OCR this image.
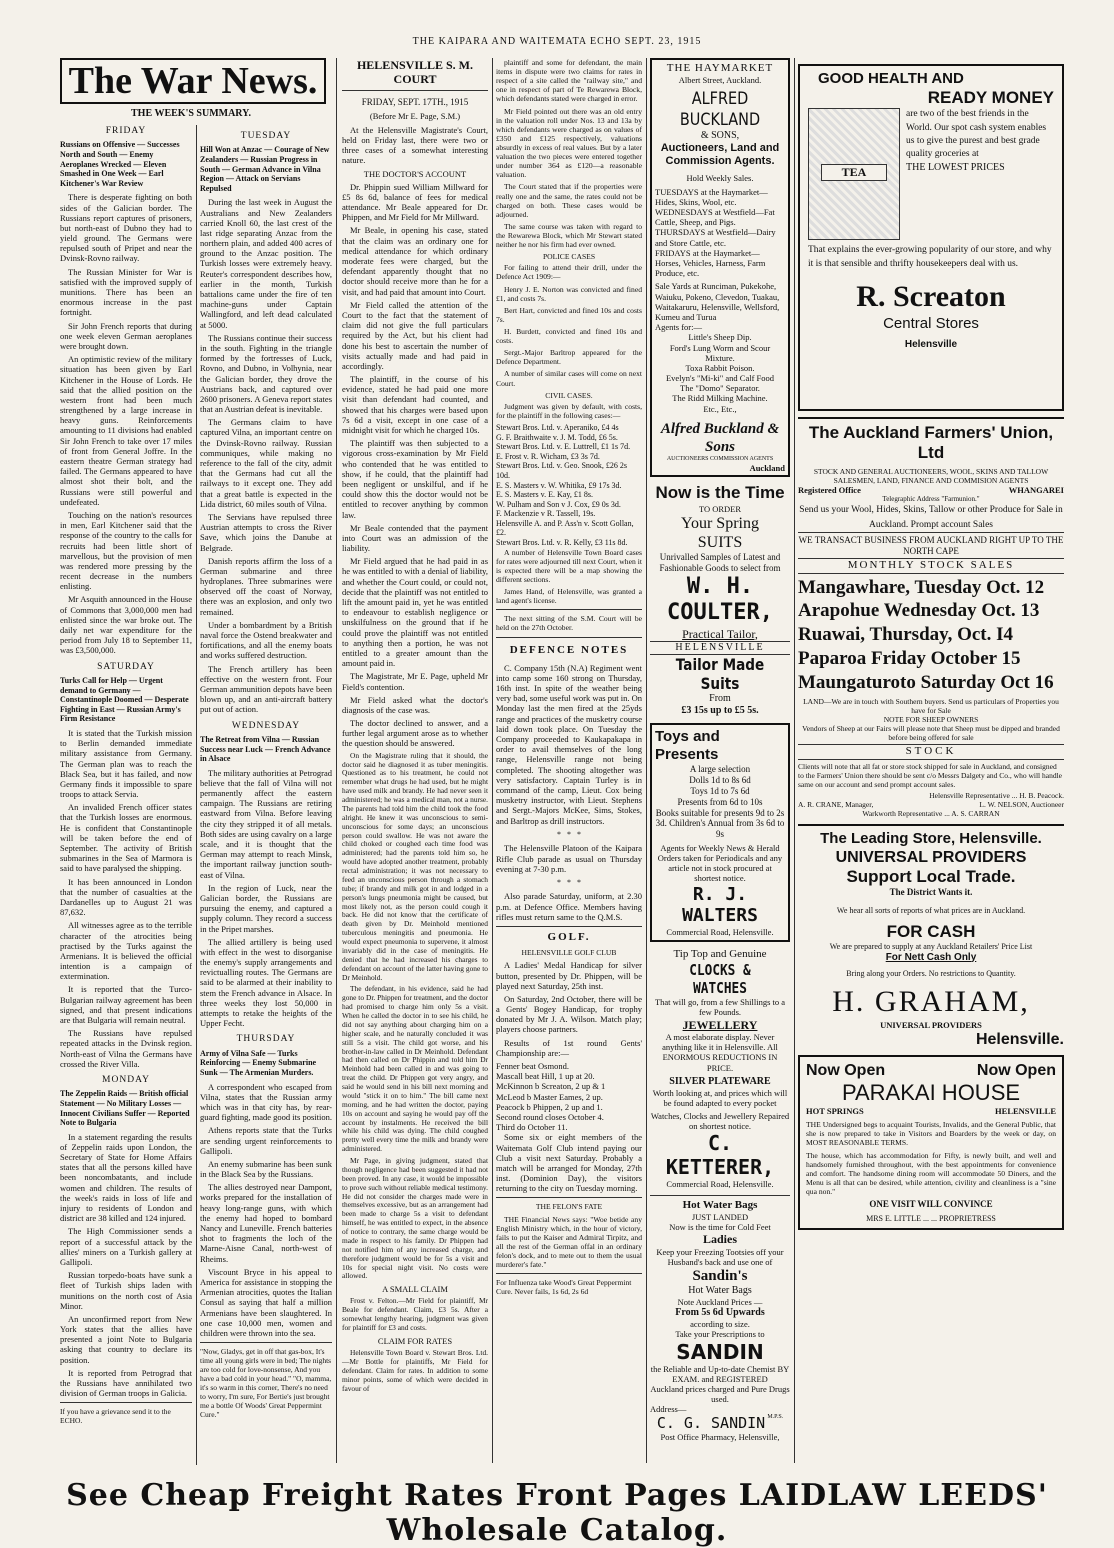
THE KAIPARA AND WAITEMATA ECHO SEPT. 23, 1915
The War News.
THE WEEK'S SUMMARY.
FRIDAY
Russians on Offensive — Successes North and South — Enemy Aeroplanes Wrecked — Eleven Smashed in One Week — Earl Kitchener's War Review

There is desperate fighting on both sides of the Galician border. The Russians report captures of prisoners, but north-east of Dubno they had to yield ground. The Germans were repulsed south of Pripet and near the Dvinsk-Rovno railway.

The Russian Minister for War is satisfied with the improved supply of munitions. There has been an enormous increase in the past fortnight.

Sir John French reports that during one week eleven German aeroplanes were brought down.

An optimistic review of the military situation has been given by Earl Kitchener in the House of Lords. He said that the allied position on the western front had been much strengthened by a large increase in heavy guns. Reinforcements amounting to 11 divisions had enabled Sir John French to take over 17 miles of front from General Joffre. In the eastern theatre German strategy had failed. The Germans appeared to have almost shot their bolt, and the Russians were still powerful and undefeated.

Touching on the nation's resources in men, Earl Kitchener said that the response of the country to the calls for recruits had been little short of marvellous, but the provision of men was rendered more pressing by the recent decrease in the numbers enlisting.

Mr Asquith announced in the House of Commons that 3,000,000 men had enlisted since the war broke out. The daily net war expenditure for the period from July 18 to September 11, was £3,500,000.

SATURDAY
Turks Call for Help — Urgent demand to Germany — Constantinople Doomed — Desperate Fighting in East — Russian Army's Firm Resistance

It is stated that the Turkish mission to Berlin demanded immediate military assistance from Germany. The German plan was to reach the Black Sea, but it has failed, and now Germany finds it impossible to spare troops to attack Servia.

An invalided French officer states that the Turkish losses are enormous. He is confident that Constantinople will be taken before the end of September. The activity of British submarines in the Sea of Marmora is said to have paralysed the shipping.

It has been announced in London that the number of casualties at the Dardanelles up to August 21 was 87,632.

All witnesses agree as to the terrible character of the atrocities being practised by the Turks against the Armenians. It is believed the official intention is a campaign of extermination.

It is reported that the Turco-Bulgarian railway agreement has been signed, and that present indications are that Bulgaria will remain neutral.

The Russians have repulsed repeated attacks in the Dvinsk region. North-east of Vilna the Germans have crossed the River Villa.

MONDAY
The Zeppelin Raids — British official Statement — No Military Losses — Innocent Civilians Suffer — Reported Note to Bulgaria

In a statement regarding the results of Zeppelin raids upon London, the Secretary of State for Home Affairs states that all the persons killed have been noncombatants, and include women and children. The results of the week's raids in loss of life and injury to residents of London and district are 38 killed and 124 injured.

The High Commissioner sends a report of a successful attack by the allies' miners on a Turkish gallery at Gallipoli.

Russian torpedo-boats have sunk a fleet of Turkish ships laden with munitions on the north cost of Asia Minor.

An unconfirmed report from New York states that the allies have presented a joint Note to Bulgaria asking that country to declare its position.

It is reported from Petrograd that the Russians have annihilated two division of German troops in Galicia.

If you have a grievance send it to the ECHO.
TUESDAY
Hill Won at Anzac — Courage of New Zealanders — Russian Progress in South — German Advance in Vilna Region — Attack on Servians Repulsed

During the last week in August the Australians and New Zealanders carried Knoll 60, the last crest of the last ridge separating Anzac from the northern plain, and added 400 acres of ground to the Anzac position. The Turkish losses were extremely heavy. Reuter's correspondent describes how, earlier in the month, Turkish battalions came under the fire of ten machine-guns under Captain Wallingford, and left dead calculated at 5000.

The Russians continue their success in the south. Fighting in the triangle formed by the fortresses of Luck, Rovno, and Dubno, in Volhynia, near the Galician border, they drove the Austrians back, and captured over 2600 prisoners. A Geneva report states that an Austrian defeat is inevitable.

The Germans claim to have captured Vilna, an important centre on the Dvinsk-Rovno railway. Russian communiques, while making no reference to the fall of the city, admit that the Germans had cut all the railways to it except one. They add that a great battle is expected in the Lida district, 60 miles south of Vilna.

The Servians have repulsed three Austrian attempts to cross the River Save, which joins the Danube at Belgrade.

Danish reports affirm the loss of a German submarine and three hydroplanes. Three submarines were observed off the coast of Norway, there was an explosion, and only two remained.

Under a bombardment by a British naval force the Ostend breakwater and fortifications, and all the enemy boats and works suffered destruction.

The French artillery has been effective on the western front. Four German ammunition depots have been blown up, and an anti-aircraft battery put out of action.

WEDNESDAY
The Retreat from Vilna — Russian Success near Luck — French Advance in Alsace

The military authorities at Petrograd believe that the fall of Vilna will not permanently affect the eastern campaign. The Russians are retiring eastward from Vilna. Before leaving the city they stripped it of all metals. Both sides are using cavalry on a large scale, and it is thought that the German may attempt to reach Minsk, the important railway junction south-east of Vilna.

In the region of Luck, near the Galician border, the Russians are pursuing the enemy, and captured a supply column. They record a success in the Pripet marshes.

The allied artillery is being used with effect in the west to disorganise the enemy's supply arrangements and revictualling routes. The Germans are said to be alarmed at their inability to stem the French advance in Alsace. In three weeks they lost 50,000 in attempts to retake the heights of the Upper Fecht.

THURSDAY
Army of Vilna Safe — Turks Reinforcing — Enemy Submarine Sunk — The Armenian Murders.

A correspondent who escaped from Vilna, states that the Russian army which was in that city has, by rear-guard fighting, made good its position.

Athens reports state that the Turks are sending urgent reinforcements to Gallipoli.

An enemy submarine has been sunk in the Black Sea by the Russians.

The allies destroyed near Dampont, works prepared for the installation of heavy long-range guns, with which the enemy had hoped to bombard Nancy and Luneville. French batteries shot to fragments the loch of the Marne-Aisne Canal, north-west of Rheims.

Viscount Bryce in his appeal to America for assistance in stopping the Armenian atrocities, quotes the Italian Consul as saying that half a million Armenians have been slaughtered. In one case 10,000 men, women and children were thrown into the sea.

"Now, Gladys, get in off that gas-box, It's time all young girls were in bed; The nights are too cold for love-nonsense, And you have a bad cold in your head." "O, mamma, it's so warm in this corner, There's no need to worry, I'm sure, For Bertie's just brought me a bottle Of Woods' Great Peppermint Cure."
HELENSVILLE S. M. COURT
FRIDAY, SEPT. 17TH., 1915
(Before Mr E. Page, S.M.)

At the Helensville Magistrate's Court, held on Friday last, there were two or three cases of a somewhat interesting nature.

THE DOCTOR'S ACCOUNT

Dr. Phippin sued William Millward for £5 8s 6d, balance of fees for medical attendance. Mr Beale appeared for Dr. Phippen, and Mr Field for Mr Millward.

Mr Beale, in opening his case, stated that the claim was an ordinary one for medical attendance for which ordinary moderate fees were charged, but the defendant apparently thought that no doctor should receive more than he for a visit, and had paid that amount into Court.

Mr Field called the attention of the Court to the fact that the statement of claim did not give the full particulars required by the Act, but his client had done his best to ascertain the number of visits actually made and had paid in accordingly.

The plaintiff, in the course of his evidence, stated he had paid one more visit than defendant had counted, and showed that his charges were based upon 7s 6d a visit, except in one case of a midnight visit for which he charged 10s.

The plaintiff was then subjected to a vigorous cross-examination by Mr Field who contended that he was entitled to show, if he could, that the plaintiff had been negligent or unskilful, and if he could show this the doctor would not be entitled to recover anything by common law.

Mr Beale contended that the payment into Court was an admission of the liability.

Mr Field argued that he had paid in as he was entitled to with a denial of liability, and whether the Court could, or could not, decide that the plaintiff was not entitled to lift the amount paid in, yet he was entitled to endeavour to establish negligence or unskilfulness on the ground that if he could prove the plaintiff was not entitled to anything then a portion, he was not entitled to a greater amount than the amount paid in.

The Magistrate, Mr E. Page, upheld Mr Field's contention.

Mr Field asked what the doctor's diagnosis of the case was.

The doctor declined to answer, and a further legal argument arose as to whether the question should be answered.

On the Magistrate ruling that it should, the doctor said he diagnosed it as tuber meningitis. Questioned as to his treatment, he could not remember what drugs he had used, but he might have used milk and brandy. He had never seen it administered; he was a medical man, not a nurse. The parents had told him the child took the food alright. He knew it was unconscious to semi-unconscious for some days; an unconscious person could swallow. He was not aware the child choked or coughed each time food was administered; had the parents told him so, he would have adopted another treatment, probably rectal administration; it was not necessary to feed an unconscious person through a stomach tube; if brandy and milk got in and lodged in a person's lungs pneumonia might be caused, but most likely not, as the person could cough it back. He did not know that the certificate of death given by Dr. Meinhold mentioned tuberculous meningitis and pneumonia. He would expect pneumonia to supervene, it almost invariably did in the case of meningitis. He denied that he had increased his charges to defendant on account of the latter having gone to Dr Meinhold.

The defendant, in his evidence, said he had gone to Dr. Phippen for treatment, and the doctor had promised to charge him only 5s a visit. When he called the doctor in to see his child, he did not say anything about charging him on a higher scale, and he naturally concluded it was still 5s a visit. The child got worse, and his brother-in-law called in Dr Meinhold. Defendant had then called on Dr Phippin and told him Dr Meinhold had been called in and was going to treat the child. Dr Phippen got very angry, and said he would send in his bill next morning and would "stick it on to him." The bill came next morning, and he had written the doctor, paying 10s on account and saying he would pay off the account by instalments. He received the bill while his child was dying. The child coughed pretty well every time the milk and brandy were administered.

Mr Page, in giving judgment, stated that though negligence had been suggested it had not been proved. In any case, it would be impossible to prove such without reliable medical testimony. He did not consider the charges made were in themselves excessive, but as an arrangement had been made to charge 5s a visit to defendant himself, he was entitled to expect, in the absence of notice to contrary, the same charge would be made in respect to his family. Dr Phippen had not notified him of any increased charge, and therefore judgment would be for 5s a visit and 10s for special night visit. No costs were allowed.

A SMALL CLAIM

Frost v. Felton.—Mr Field for plaintiff, Mr Beale for defendant. Claim, £3 5s. After a somewhat lengthy hearing, judgment was given for plaintiff for £3 and costs.

CLAIM FOR RATES

Helensville Town Board v. Stewart Bros. Ltd.—Mr Bottle for plaintiffs, Mr Field for defendant. Claim for rates. In addition to some minor points, some of which were decided in favour of

plaintiff and some for defendant, the main items in dispute were two claims for rates in respect of a site called the "railway site," and one in respect of part of Te Rewarewa Block, which defendants stated were charged in error.

Mr Field pointed out there was an old entry in the valuation roll under Nos. 13 and 13a by which defendants were charged as on values of £350 and £125 respectively, valuations absurdly in excess of real values. But by a later valuation the two pieces were entered together under number 364 as £120—a reasonable valuation.

The Court stated that if the properties were really one and the same, the rates could not be charged on both. These cases would be adjourned.

The same course was taken with regard to the Rewarewa Block, which Mr Stewart stated neither he nor his firm had ever owned.

POLICE CASES

For failing to attend their drill, under the Defence Act 1909:—

Henry J. E. Norton was convicted and fined £1, and costs 7s.

Bert Hart, convicted and fined 10s and costs 7s.

H. Burdett, convicted and fined 10s and costs.

Sergt.-Major Barltrop appeared for the Defence Department.

A number of similar cases will come on next Court.

CIVIL CASES.

Judgment was given by default, with costs, for the plaintiff in the following cases:—

Stewart Bros. Ltd. v. Aperaniko, £4 4s
G. F. Braithwaite v. J. M. Todd, £6 5s.
Stewart Bros. Ltd. v. E. Luttrell, £1 1s 7d.
E. Frost v. R. Wicham, £3 3s 7d.
Stewart Bros. Ltd. v. Geo. Snook, £26 2s 10d.
E. S. Masters v. W. Whitika, £9 17s 3d.
E. S. Masters v. E. Kay, £1 8s.
W. Pulham and Son v J. Cox, £9 0s 3d.
F. Mackenzie v R. Tassell, 19s.
Helensville A. and P. Ass'n v. Scott Gollan, £2.
Stewart Bros. Ltd. v. R. Kelly, £3 11s 8d.

A number of Helensville Town Board cases for rates were adjourned till next Court, when it is expected there will be a map showing the different sections.

James Hand, of Helensville, was granted a land agent's license.

The next sitting of the S.M. Court will be held on the 27th October.

DEFENCE NOTES

C. Company 15th (N.A) Regiment went into camp some 160 strong on Thursday, 16th inst. In spite of the weather being very bad, some useful work was put in. On Monday last the men fired at the 25yds range and practices of the musketry course laid down took place. On Tuesday the Company proceeded to Kaukapakapa in order to avail themselves of the long range, Helensville range not being completed. The shooting altogether was very satisfactory. Captain Turley is in command of the camp, Lieut. Cox being musketry instructor, with Lieut. Stephens and Sergt.-Majors McKee, Sims, Stokes, and Barltrop as drill instructors.

*   *   *

The Helensville Platoon of the Kaipara Rifle Club parade as usual on Thursday evening at 7-30 p.m.

*   *   *

Also parade Saturday, uniform, at 2.30 p.m. at Defence Office. Members having rifles must return same to the Q.M.S.

GOLF.
HELENSVILLE GOLF CLUB

A Ladies' Medal Handicap for silver button, presented by Dr. Phippen, will be played next Saturday, 25th inst.

On Saturday, 2nd October, there will be a Gents' Bogey Handicap, for trophy donated by Mr J. A. Wilson. Match play; players choose partners.

Results of 1st round Gents' Championship are:—

Fenner beat Osmond.
Mascall beat Hill, 1 up at 20.
McKinnon b Screaton, 2 up & 1
McLeod b Master Eames, 2 up.
Peacock b Phippen, 2 up and 1.
Second round closes October 4.
Third do October 11.

Some six or eight members of the Waitemata Golf Club intend paying our Club a visit next Saturday. Probably a match will be arranged for Monday, 27th inst. (Dominion Day), the visitors returning to the city on Tuesday morning.

THE FELON'S FATE

THE Financial News says: "Woe betide any English Ministry which, in the hour of victory, fails to put the Kaiser and Admiral Tirpitz, and all the rest of the German offal in an ordinary felon's dock, and to mete out to them the usual murderer's fate."

For Influenza take Wood's Great Peppermint Cure. Never fails, 1s 6d, 2s 6d
THE HAYMARKET
Albert Street, Auckland.
ALFRED BUCKLAND
& SONS,
Auctioneers, Land and Commission Agents.
Hold Weekly Sales.
TUESDAYS at the Haymarket—Hides, Skins, Wool, etc.
WEDNESDAYS at Westfield—Fat Cattle, Sheep, and Pigs.
THURSDAYS at Westfield—Dairy and Store Cattle, etc.
FRIDAYS at the Haymarket—Horses, Vehicles, Harness, Farm Produce, etc.
Sale Yards at Runciman, Pukekohe, Waiuku, Pokeno, Clevedon, Tuakau, Waitakaruru, Helensville, Wellsford, Kumeu and Turua
Agents for:—
Little's Sheep Dip.
Ford's Lung Worm and Scour Mixture.
Toxa Rabbit Poison.
Evelyn's "Mi-ki" and Calf Food
The "Domo" Separator.
The Ridd Milking Machine.
Etc., Etc.,
Alfred Buckland & Sons
AUCTIONEERS COMMISSION AGENTS
Auckland
Now is the Time
TO ORDER
Your Spring
SUITS
Unrivalled Samples of Latest and Fashionable Goods to select from
W. H. COULTER,
Practical Tailor,
HELENSVILLE
Tailor Made Suits
From
£3 15s up to £5 5s.
Toys and Presents
A large selection
Dolls 1d to 8s 6d
Toys 1d to 7s 6d
Presents from 6d to 10s
Books suitable for presents 9d to 2s 3d. Children's Annual from 3s 6d to 9s
Agents for Weekly News & Herald Orders taken for Periodicals and any article not in stock procured at shortest notice.
R. J. WALTERS
Commercial Road, Helensville.
Tip Top and Genuine
CLOCKS & WATCHES
That will go, from a few Shillings to a few Pounds.
JEWELLERY
A most elaborate display. Never anything like it in Helensville. All ENORMOUS REDUCTIONS IN PRICE.
SILVER PLATEWARE
Worth looking at, and prices which will be found adapted to every pocket
Watches, Clocks and Jewellery Repaired on shortest notice.
C. KETTERER,
Commercial Road, Helensville.
Hot Water Bags
JUST LANDED
Now is the time for Cold Feet
Ladies
Keep your Freezing Tootsies off your Husband's back and use one of
Sandin's
Hot Water Bags
Note Auckland Prices —
From 5s 6d Upwards
according to size.
Take your Prescriptions to
SANDIN
the Reliable and Up-to-date Chemist BY EXAM. and REGISTERED
Auckland prices charged and Pure Drugs used.
Address—
C. G. SANDIN $^{M.P.S.}$
Post Office Pharmacy, Helensville,
GOOD HEALTH AND
READY MONEY
TEA
are two of the best friends in the World. Our spot cash system enables us to give the purest and best grade quality groceries at
THE LOWEST PRICES
That explains the ever-growing popularity of our store, and why it is that sensible and thrifty housekeepers deal with us.
R. Screaton
Central Stores
Helensville
The Auckland Farmers' Union, Ltd
STOCK AND GENERAL AUCTIONEERS, WOOL, SKINS AND TALLOW SALESMEN, LAND, FINANCE AND COMMISION AGENTS
Registered Office	WHANGAREI
Telegraphic Address "Farmunion."
Send us your Wool, Hides, Skins, Tallow or other Produce for Sale in Auckland. Prompt account Sales
WE TRANSACT BUSINESS FROM AUCKLAND RIGHT UP TO THE NORTH CAPE
MONTHLY STOCK SALES
Mangawhare, Tuesday Oct. 12
Arapohue Wednesday Oct. 13
Ruawai, Thursday, Oct. I4
Paparoa Friday October 15
Maungaturoto Saturday Oct 16
LAND—We are in touch with Southern buyers. Send us particulars of Properties you have for Sale
NOTE FOR SHEEP OWNERS
Vendors of Sheep at our Fairs will please note that Sheep must be dipped and branded before being offered for sale
STOCK
Clients will note that all fat or store stock shipped for sale in Auckland, and consigned to the Farmers' Union there should be sent c/o Messrs Dalgety and Co., who will handle same on our account and send prompt account sales.
Helensville Representative ... H. B. Peacock.
A. R. CRANE, Manager,	L. W. NELSON, Auctioneer
Warkworth Representative ... A. S. CARRAN
The Leading Store, Helensville.
UNIVERSAL PROVIDERS
Support Local Trade.
The District Wants it.
We hear all sorts of reports of what prices are in Auckland.
FOR CASH
We are prepared to supply at any Auckland Retailers' Price List
For Nett Cash Only
Bring along your Orders. No restrictions to Quantity.
H. GRAHAM,
UNIVERSAL PROVIDERS
Helensville.
Now Open	Now Open
PARAKAI HOUSE
HOT SPRINGS	HELENSVILLE
THE Undersigned begs to acquaint Tourists, Invalids, and the General Public, that she is now prepared to take in Visitors and Boarders by the week or day, on MOST REASONABLE TERMS.
The house, which has accommodation for Fifty, is newly built, and well and handsomely furnished throughout, with the best appointments for convenience and comfort. The handsome dining room will accommodate 50 Diners, and the Menu is all that can be desired, while attention, civility and cleanliness is a "sine qua non."
ONE VISIT WILL CONVINCE
MRS E. LITTLE ... ... PROPRIETRESS
See Cheap Freight Rates Front Pages LAIDLAW LEEDS' Wholesale Catalog.
